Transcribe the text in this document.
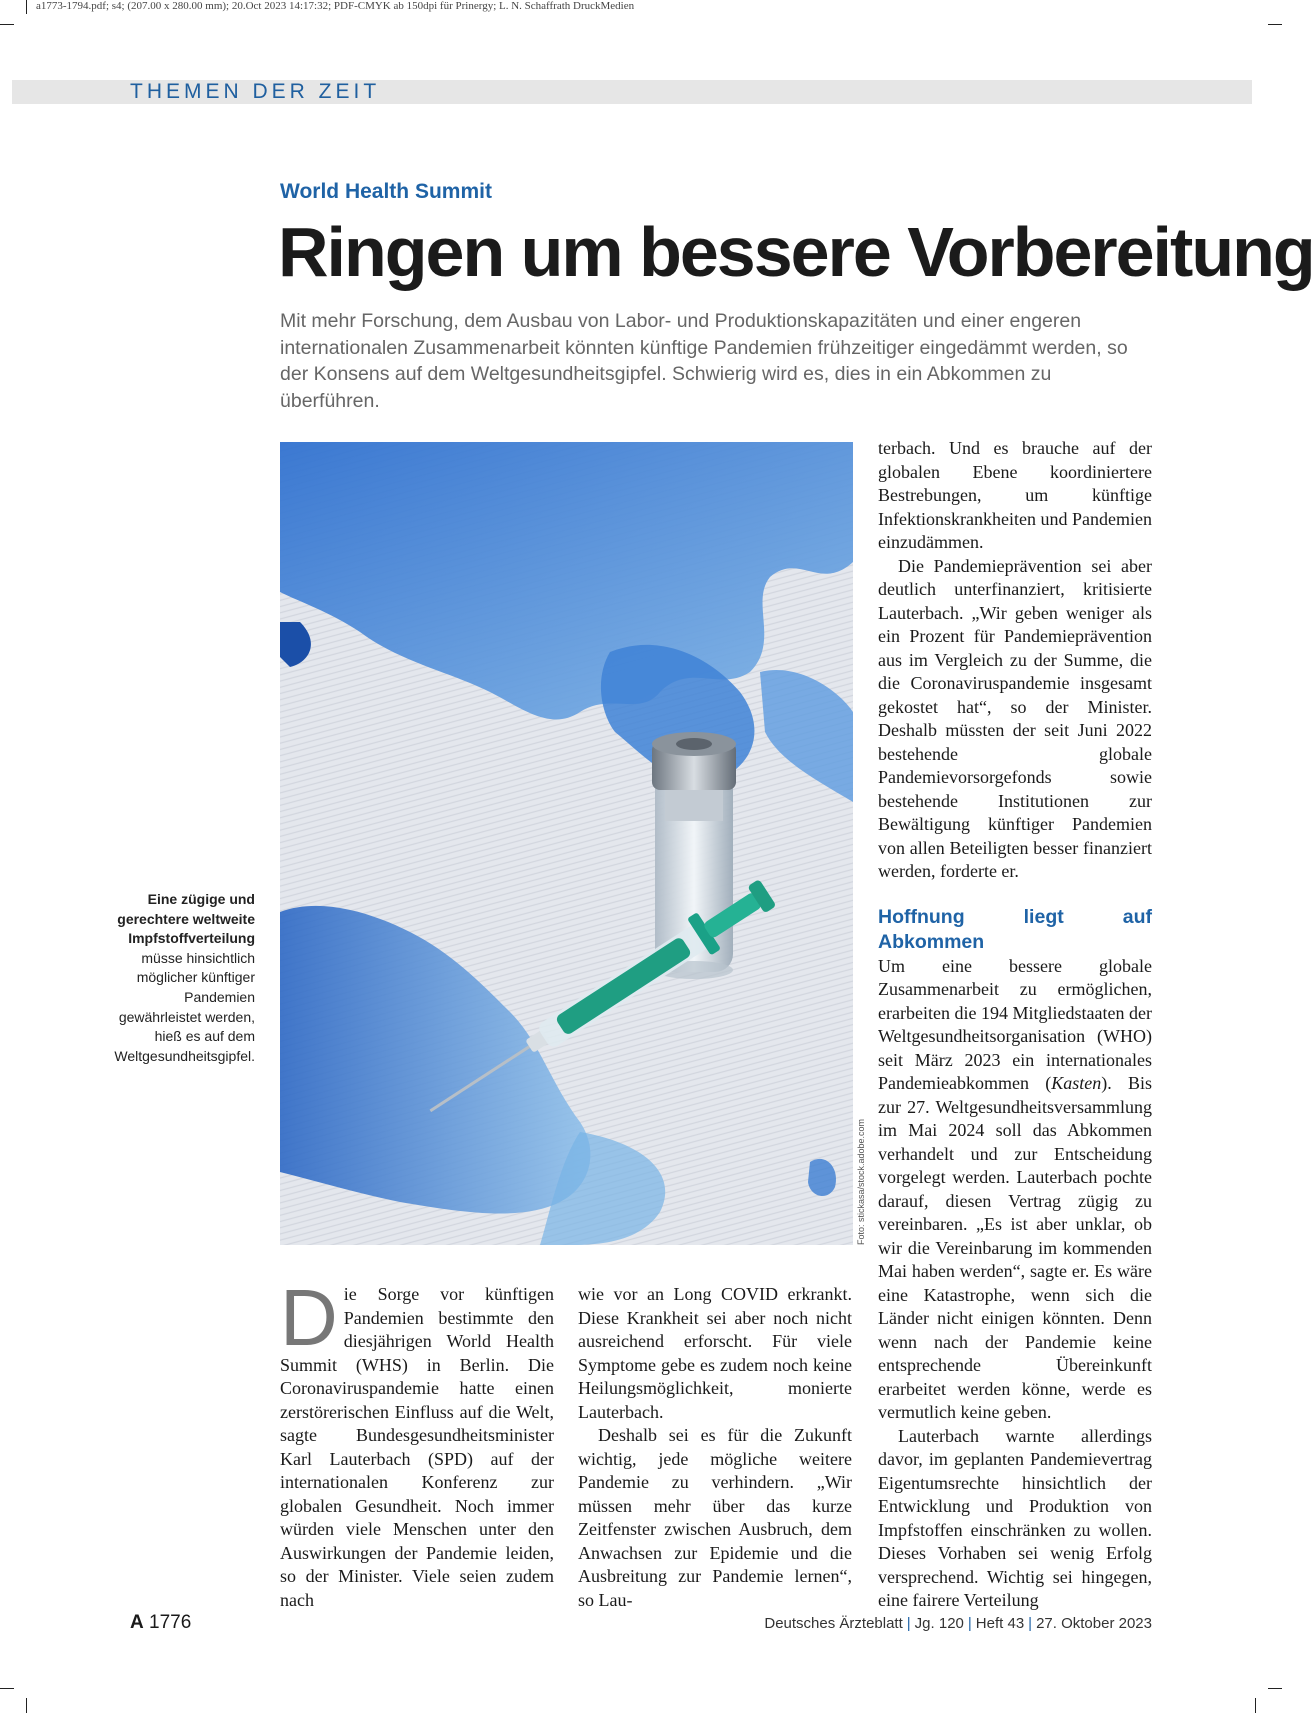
a1773-1794.pdf; s4; (207.00 x 280.00 mm); 20.Oct 2023 14:17:32; PDF-CMYK ab 150dpi für Prinergy; L. N. Schaffrath DruckMedien
THEMEN DER ZEIT
World Health Summit
Ringen um bessere Vorbereitung

Mit mehr Forschung, dem Ausbau von Labor- und Produktionskapazitäten und einer engeren internationalen Zusammenarbeit könnten künftige Pandemien frühzeitiger eingedämmt werden, so der Konsens auf dem Weltgesundheitsgipfel. Schwierig wird es, dies in ein Abkommen zu überführen.

Foto: stickasa/stock.adobe.com

Eine zügige und gerechtere weltweite Impfstoffverteilung müsse hinsichtlich möglicher künftiger Pandemien gewährleistet werden, hieß es auf dem Weltgesundheitsgipfel.

Die Sorge vor künftigen Pandemien bestimmte den diesjährigen World Health Summit (WHS) in Berlin. Die Coronaviruspandemie hatte einen zerstörerischen Einfluss auf die Welt, sagte Bundesgesundheitsminister Karl Lauterbach (SPD) auf der internationalen Konferenz zur globalen Gesundheit. Noch immer würden viele Menschen unter den Auswirkungen der Pandemie leiden, so der Minister. Viele seien zudem nach

wie vor an Long COVID erkrankt. Diese Krankheit sei aber noch nicht ausreichend erforscht. Für viele Symptome gebe es zudem noch keine Heilungsmöglichkeit, monierte Lauterbach.

Deshalb sei es für die Zukunft wichtig, jede mögliche weitere Pandemie zu verhindern. „Wir müssen mehr über das kurze Zeitfenster zwischen Ausbruch, dem Anwachsen zur Epidemie und die Ausbreitung zur Pandemie lernen“, so Lau-

terbach. Und es brauche auf der globalen Ebene koordiniertere Bestrebungen, um künftige Infektionskrankheiten und Pandemien einzudämmen.

Die Pandemieprävention sei aber deutlich unterfinanziert, kritisierte Lauterbach. „Wir geben weniger als ein Prozent für Pandemieprävention aus im Vergleich zu der Summe, die die Coronaviruspandemie insgesamt gekostet hat“, so der Minister. Deshalb müssten der seit Juni 2022 bestehende globale Pandemievorsorgefonds sowie bestehende Institutionen zur Bewältigung künftiger Pandemien von allen Beteiligten besser finanziert werden, forderte er.

Hoffnung liegt auf Abkommen

Um eine bessere globale Zusammenarbeit zu ermöglichen, erarbeiten die 194 Mitgliedstaaten der Weltgesundheitsorganisation (WHO) seit März 2023 ein internationales Pandemieabkommen (Kasten). Bis zur 27. Weltgesundheitsversammlung im Mai 2024 soll das Abkommen verhandelt und zur Entscheidung vorgelegt werden. Lauterbach pochte darauf, diesen Vertrag zügig zu vereinbaren. „Es ist aber unklar, ob wir die Vereinbarung im kommenden Mai haben werden“, sagte er. Es wäre eine Katastrophe, wenn sich die Länder nicht einigen könnten. Denn wenn nach der Pandemie keine entsprechende Übereinkunft erarbeitet werden könne, werde es vermutlich keine geben.

Lauterbach warnte allerdings davor, im geplanten Pandemievertrag Eigentumsrechte hinsichtlich der Entwicklung und Produktion von Impfstoffen einschränken zu wollen. Dieses Vorhaben sei wenig Erfolg versprechend. Wichtig sei hingegen, eine fairere Verteilung

A 1776	Deutsches Ärzteblatt | Jg. 120 | Heft 43 | 27. Oktober 2023
